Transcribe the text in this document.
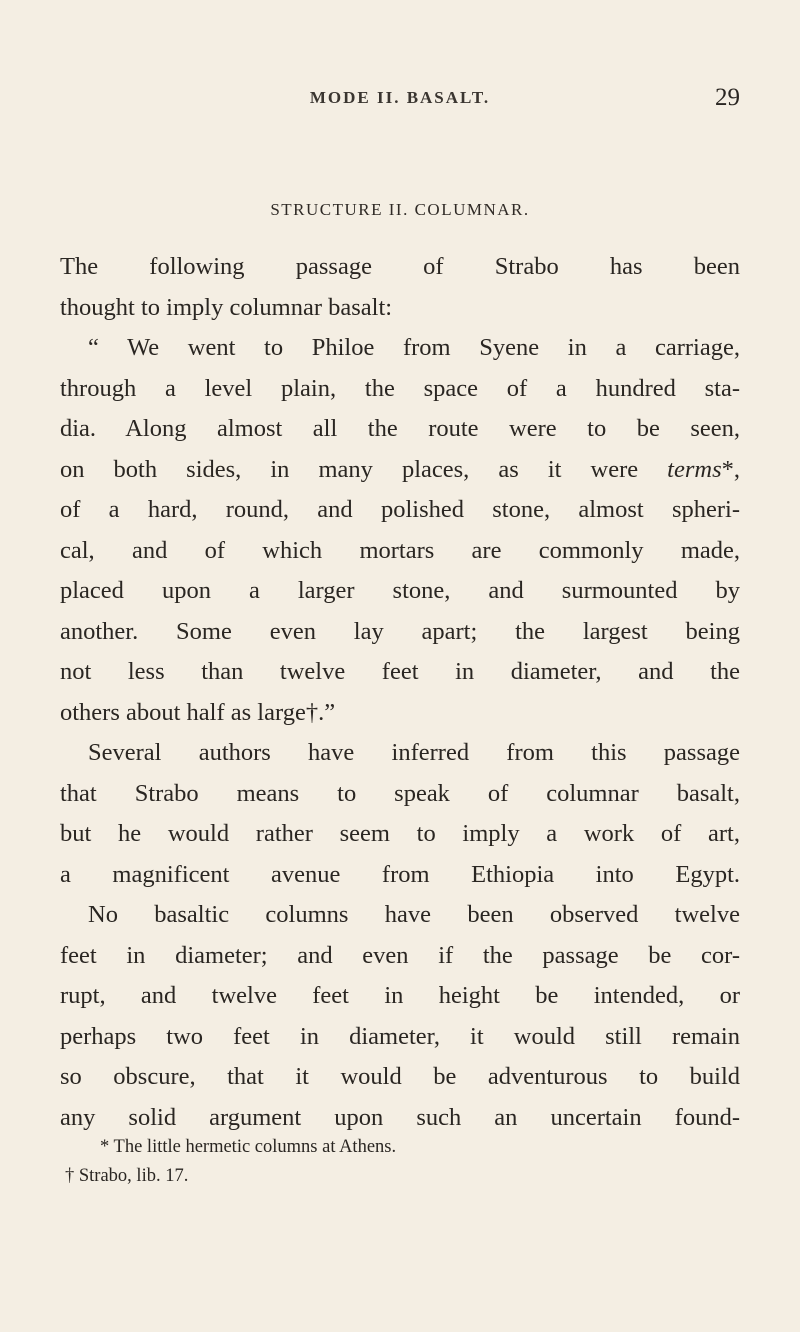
MODE II. BASALT.	29
STRUCTURE II. COLUMNAR.
The following passage of Strabo has been
thought to imply columnar basalt:
“ We went to Philoe from Syene in a carriage,
through a level plain, the space of a hundred sta-
dia. Along almost all the route were to be seen,
on both sides, in many places, as it were terms*,
of a hard, round, and polished stone, almost spheri-
cal, and of which mortars are commonly made,
placed upon a larger stone, and surmounted by
another. Some even lay apart; the largest being
not less than twelve feet in diameter, and the
others about half as large†.”
Several authors have inferred from this passage
that Strabo means to speak of columnar basalt,
but he would rather seem to imply a work of art,
a magnificent avenue from Ethiopia into Egypt.
No basaltic columns have been observed twelve
feet in diameter; and even if the passage be cor-
rupt, and twelve feet in height be intended, or
perhaps two feet in diameter, it would still remain
so obscure, that it would be adventurous to build
any solid argument upon such an uncertain found-
* The little hermetic columns at Athens.
† Strabo, lib. 17.
